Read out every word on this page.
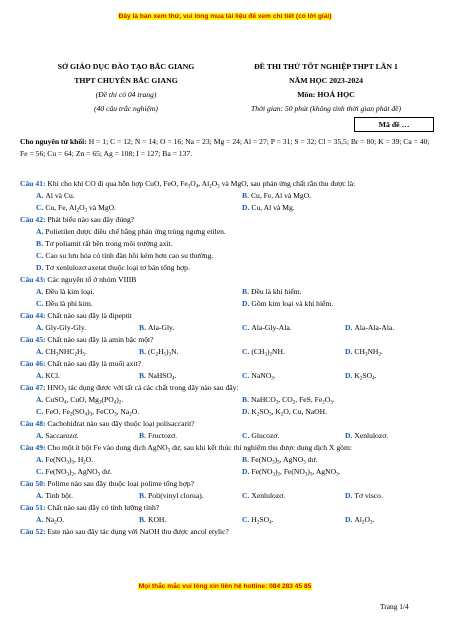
Đây là bản xem thử, vui lòng mua tài liệu để xem chi tiết (có lời giải)
SỞ GIÁO DỤC ĐÀO TẠO BẮC GIANG
THPT CHUYÊN BẮC GIANG
(Đề thi có 04 trang)
(40 câu trắc nghiệm)
ĐỀ THI THỬ TỐT NGHIỆP THPT LẦN 1
NĂM HỌC 2023-2024
Môn: HOÁ HỌC
Thời gian: 50 phút (không tính thời gian phát đề)
Mã đề …
Cho nguyên tử khối: H = 1; C = 12; N = 14; O = 16; Na = 23; Mg = 24; Al = 27; P = 31; S = 32; Cl = 35,5; Br = 80; K = 39; Ca = 40; Fe = 56; Cu = 64; Zn = 65; Ag = 108; I = 127; Ba = 137.
Câu 41: Khi cho khí CO đi qua hỗn hợp CuO, FeO, $Fe_3O_4$, $Al_2O_3$ và MgO, sau phản ứng chất rắn thu được là:
A. Al và Cu.	B. Cu, Fe, Al và MgO.
C. Cu, Fe, $Al_2O_3$ và MgO.	D. Cu, Al và Mg.
Câu 42: Phát biểu nào sau đây đúng?
A. Polietilen được điều chế bằng phản ứng trùng ngưng etilen.
B. Tơ poliamit rất bền trong môi trường axit.
C. Cao su lưu hóa có tính đàn hồi kém hơn cao su thường.
D. Tơ xenlulozơ axetat thuộc loại tơ bán tổng hợp.
Câu 43: Các nguyên tố ở nhóm VIIIB
A. Đều là kim loại.	B. Đều là khí hiếm.
C. Đều là phi kim.	D. Gồm kim loại và khí hiếm.
Câu 44: Chất nào sau đây là đipeptit
A. Gly-Gly-Gly.	B. Ala-Gly.	C. Ala-Gly-Ala.	D. Ala-Ala-Ala.
Câu 45: Chất nào sau đây là amin bậc một?
A. $CH_3NHC_2H_5$.	B. $(C_2H_5)_3N$.	C. $(CH_3)_2NH$.	D. $CH_3NH_2$.
Câu 46: Chất nào sau đây là muối axit?
A. KCl.	B. NaHSO$_4$.	C. NaNO$_3$.	D. $K_2SO_4$.
Câu 47: $HNO_3$ tác dụng được với tất cả các chất trong dãy nào sau đây:
A. CuSO$_4$, CuO, $Mg_3(PO_4)_2$.	B. NaHCO$_3$, $CO_2$, FeS, $Fe_2O_3$.
C. FeO, $Fe_2(SO_4)_3$, FeCO$_3$, $Na_2O$.	D. $K_2SO_3$, $K_2O$, Cu, NaOH.
Câu 48: Cacbohiđrat nào sau đây thuộc loại polisaccarit?
A. Saccarozơ.	B. Fructozơ.	C. Glucozơ.	D. Xenlulozơ.
Câu 49: Cho một ít bột Fe vào dung dịch AgNO$_3$ dư, sau khi kết thúc thí nghiệm thu được dung dịch X gồm:
A. $Fe(NO_3)_3$, $H_2O$.	B. $Fe(NO_3)_3$, AgNO$_3$ dư.
C. $Fe(NO_3)_2$, AgNO$_3$ dư.	D. $Fe(NO_3)_2$, $Fe(NO_3)_3$, AgNO$_3$.
Câu 50: Polime nào sau đây thuộc loại polime tổng hợp?
A. Tinh bột.	B. Poli(vinyl clorua).	C. Xenlulozơ.	D. Tơ visco.
Câu 51: Chất nào sau đây có tính lưỡng tính?
A. $Na_2O$.	B. KOH.	C. $H_2SO_4$.	D. $Al_2O_3$.
Câu 52: Este nào sau đây tác dụng với NaOH thu được ancol etylic?
Mọi thắc mắc vui lòng xin liên hệ hotline: 084 283 45 85
Trang 1/4
